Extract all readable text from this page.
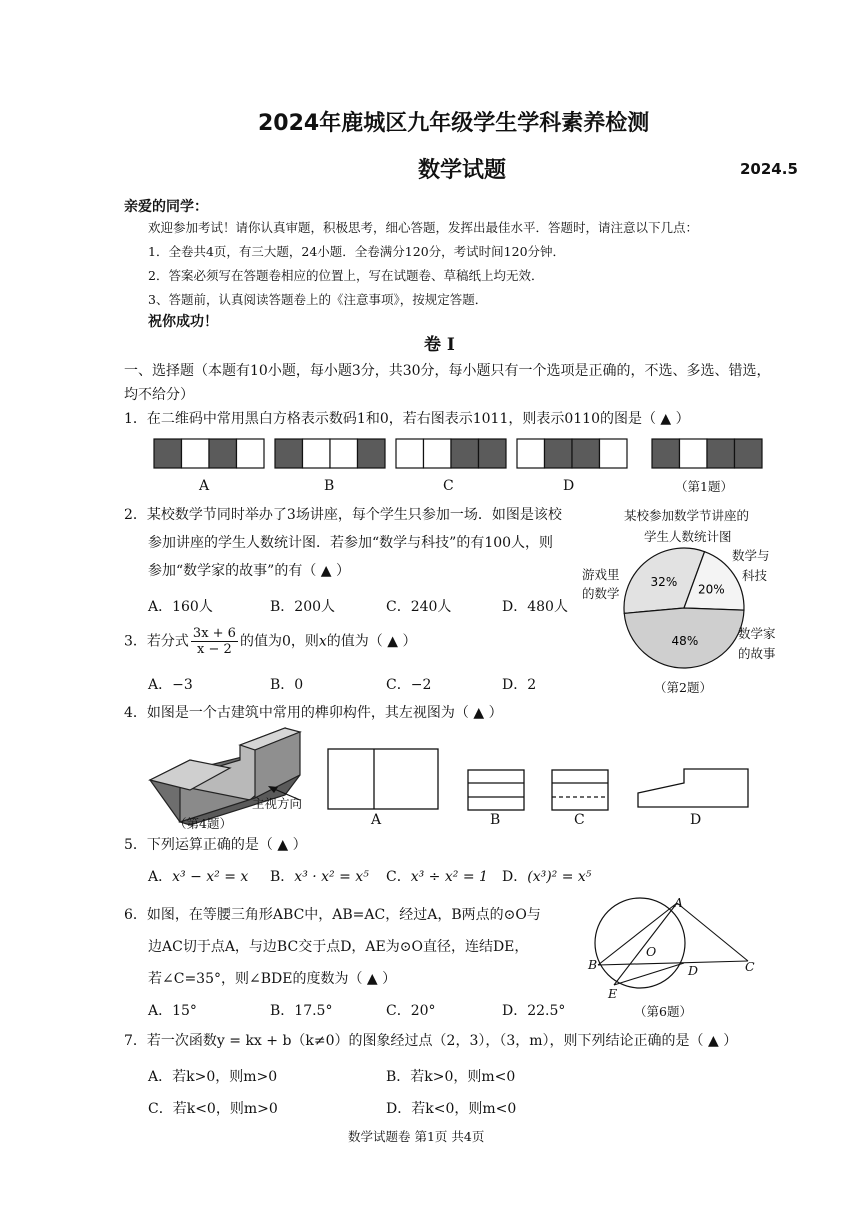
2024年鹿城区九年级学生学科素养检测
数学试题	2024.5
亲爱的同学：
欢迎参加考试！请你认真审题，积极思考，细心答题，发挥出最佳水平．答题时，请注意以下几点：
1．全卷共4页，有三大题，24小题．全卷满分120分，考试时间120分钟．
2．答案必须写在答题卷相应的位置上，写在试题卷、草稿纸上均无效．
3、答题前，认真阅读答题卷上的《注意事项》，按规定答题．
祝你成功！
卷 I
一、选择题（本题有10小题，每小题3分，共30分，每小题只有一个选项是正确的，不选、多选、错选，
均不给分）
1．在二维码中常用黑白方格表示数码1和0，若右图表示1011，则表示0110的图是（ ▲ ）
A	B	C	D	（第1题）
2．某校数学节同时举办了3场讲座，每个学生只参加一场．如图是该校
参加讲座的学生人数统计图．若参加“数学与科技”的有100人，则
参加“数学家的故事”的有（ ▲ ）
A．160人	B．200人	C．240人	D．480人
某校参加数学节讲座的
学生人数统计图
32%
20%
48%
游戏里
的数学
数学与
科技
数学家
的故事
（第2题）
3．若分式 $\frac{3x + 6}{x - 2}$ 的值为0，则x的值为（ ▲ ）
A．−3	B．0	C．−2	D．2
4．如图是一个古建筑中常用的榫卯构件，其左视图为（ ▲ ）
主视方向
（第4题）	A	B	C	D
5．下列运算正确的是（ ▲ ）
A．x³ − x² = x B．x³ · x² = x⁵ C．x³ ÷ x² = 1 D．(x³)² = x⁵
6．如图，在等腰三角形ABC中，AB=AC，经过A，B两点的⊙O与
边AC切于点A，与边BC交于点D，AE为⊙O直径，连结DE，
若∠C=35°，则∠BDE的度数为（ ▲ ）
A．15°	B．17.5°	C．20°	D．22.5°
A
B	C
D
E
O
（第6题）
7．若一次函数y = kx + b（k≠0）的图象经过点（2，3），（3，m），则下列结论正确的是（ ▲ ）
A．若k>0，则m>0	B．若k>0，则m<0
C．若k<0，则m>0	D．若k<0，则m<0
数学试题卷 第1页 共4页
